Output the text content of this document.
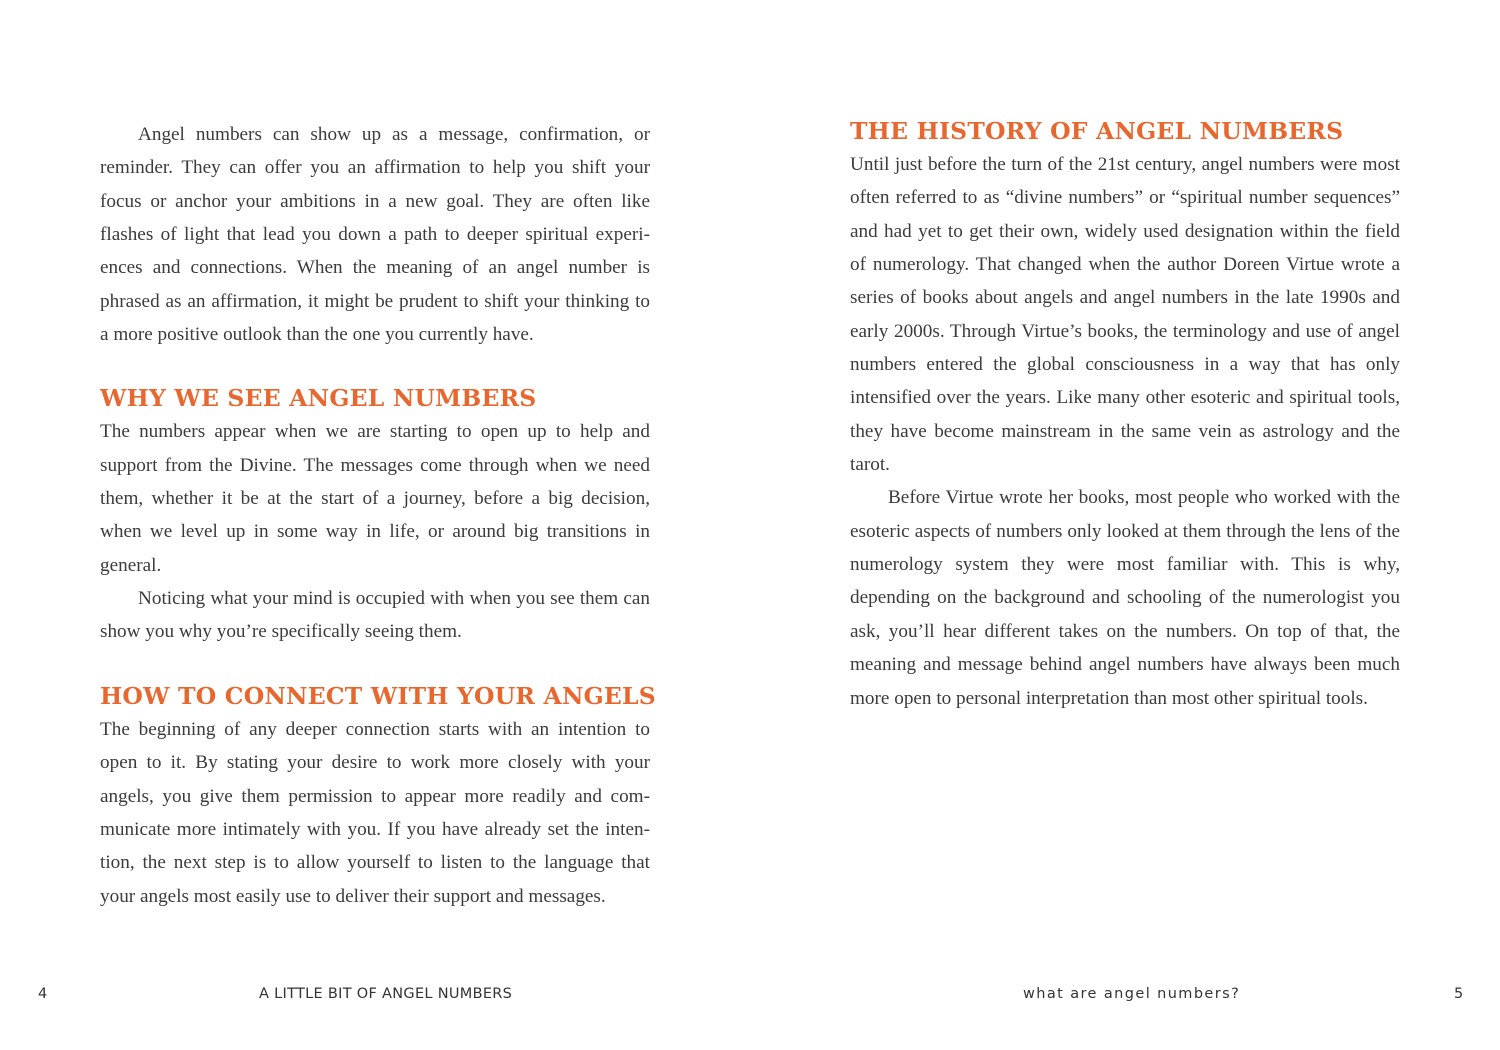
Angel numbers can show up as a message, confirmation, or reminder. They can offer you an affirmation to help you shift your focus or anchor your ambitions in a new goal. They are often like flashes of light that lead you down a path to deeper spiritual experiences and connections. When the meaning of an angel number is phrased as an affirmation, it might be prudent to shift your thinking to a more positive outlook than the one you currently have.

WHY WE SEE ANGEL NUMBERS

The numbers appear when we are starting to open up to help and support from the Divine. The messages come through when we need them, whether it be at the start of a journey, before a big decision, when we level up in some way in life, or around big transitions in general.

Noticing what your mind is occupied with when you see them can show you why you’re specifically seeing them.

HOW TO CONNECT WITH YOUR ANGELS

The beginning of any deeper connection starts with an intention to open to it. By stating your desire to work more closely with your angels, you give them permission to appear more readily and communicate more intimately with you. If you have already set the intention, the next step is to allow yourself to listen to the language that your angels most easily use to deliver their support and messages.

4	A LITTLE BIT OF ANGEL NUMBERS
THE HISTORY OF ANGEL NUMBERS

Until just before the turn of the 21st century, angel numbers were most often referred to as “divine numbers” or “spiritual number sequences” and had yet to get their own, widely used designation within the field of numerology. That changed when the author Doreen Virtue wrote a series of books about angels and angel numbers in the late 1990s and early 2000s. Through Virtue’s books, the terminology and use of angel numbers entered the global consciousness in a way that has only intensified over the years. Like many other esoteric and spiritual tools, they have become mainstream in the same vein as astrology and the tarot.

Before Virtue wrote her books, most people who worked with the esoteric aspects of numbers only looked at them through the lens of the numerology system they were most familiar with. This is why, depending on the background and schooling of the numerologist you ask, you’ll hear different takes on the numbers. On top of that, the meaning and message behind angel numbers have always been much more open to personal interpretation than most other spiritual tools.

what are angel numbers?	5
